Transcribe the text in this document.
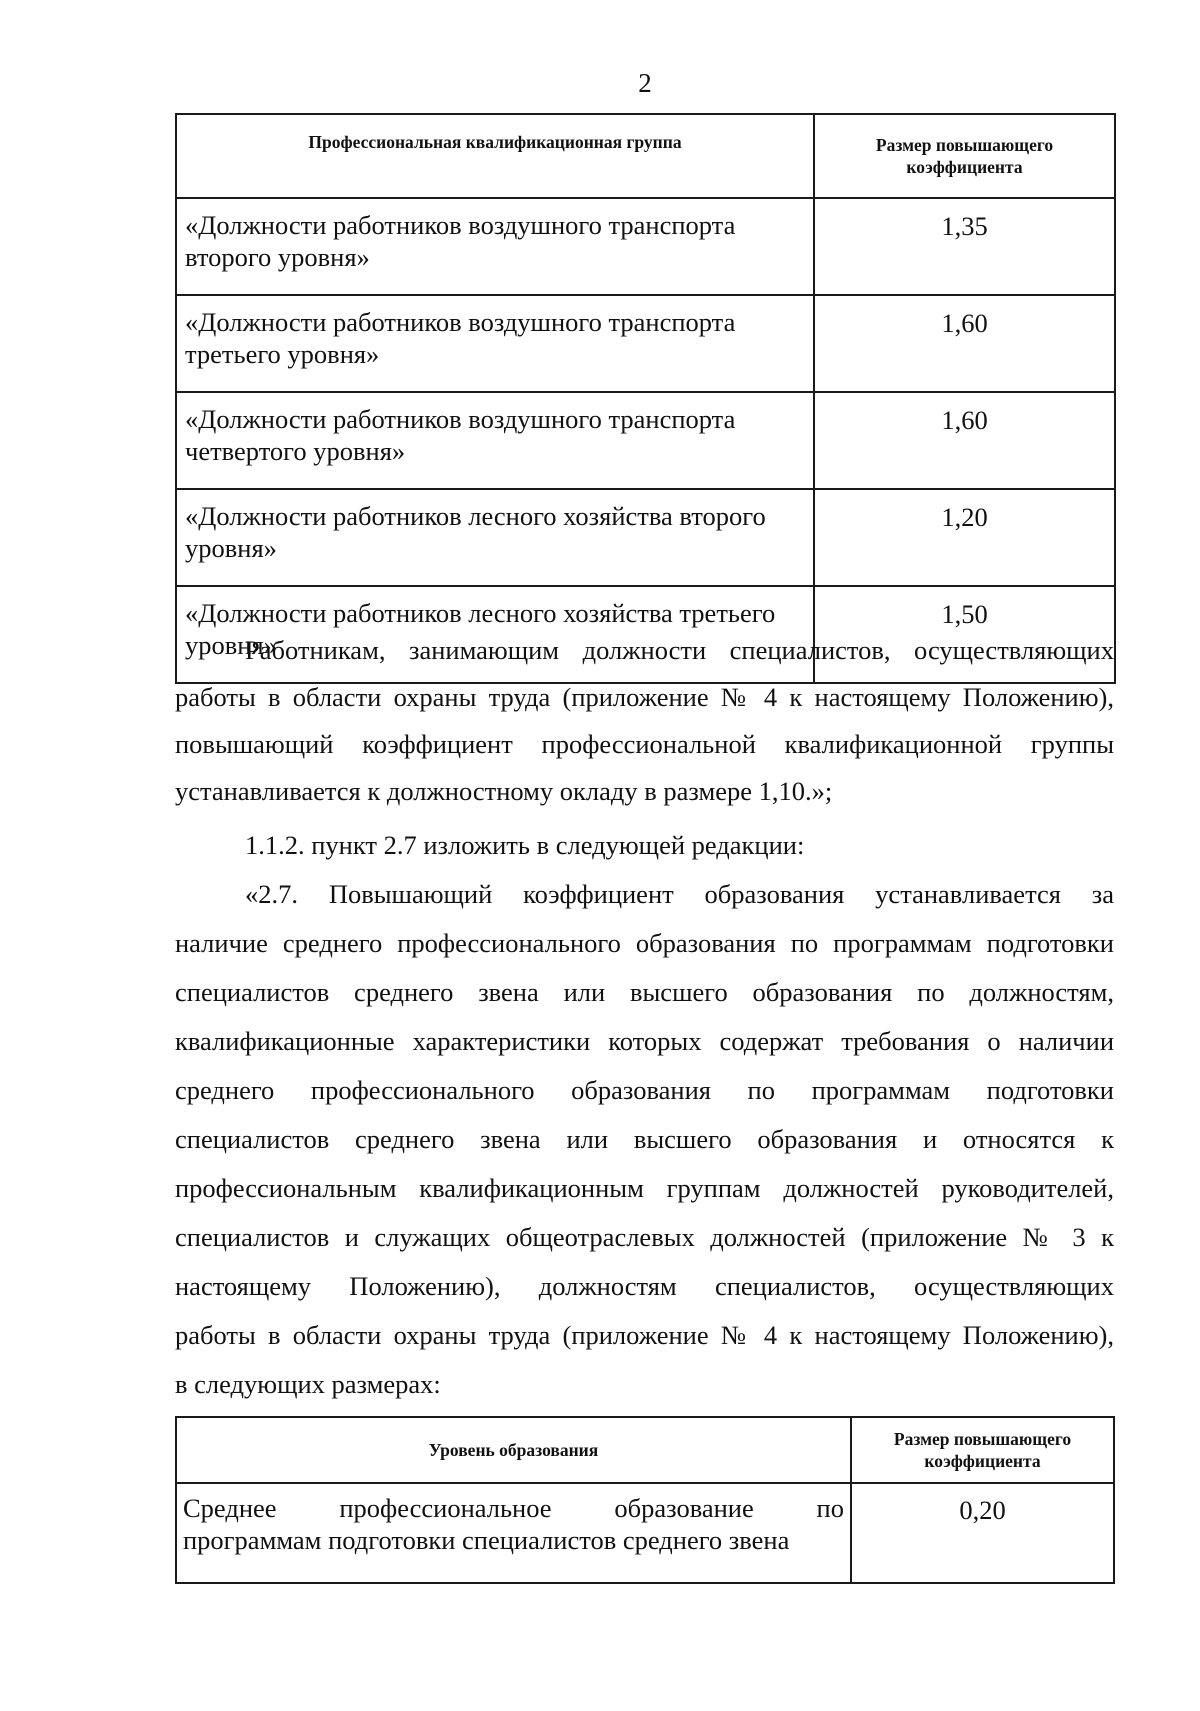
2
Профессиональная квалификационная группа	Размер повышающего коэффициента
«Должности работников воздушного транспорта второго уровня»	1,35
«Должности работников воздушного транспорта третьего уровня»	1,60
«Должности работников воздушного транспорта четвертого уровня»	1,60
«Должности работников лесного хозяйства второго уровня»	1,20
«Должности работников лесного хозяйства третьего уровня»	1,50
Работникам, занимающим должности специалистов, осуществляющих
работы в области охраны труда (приложение № 4 к настоящему Положению),
повышающий коэффициент профессиональной квалификационной группы
устанавливается к должностному окладу в размере 1,10.»;
1.1.2. пункт 2.7 изложить в следующей редакции:
«2.7. Повышающий коэффициент образования устанавливается за
наличие среднего профессионального образования по программам подготовки
специалистов среднего звена или высшего образования по должностям,
квалификационные характеристики которых содержат требования о наличии
среднего профессионального образования по программам подготовки
специалистов среднего звена или высшего образования и относятся к
профессиональным квалификационным группам должностей руководителей,
специалистов и служащих общеотраслевых должностей (приложение № 3 к
настоящему Положению), должностям специалистов, осуществляющих
работы в области охраны труда (приложение № 4 к настоящему Положению),
в следующих размерах:
Уровень образования	Размер повышающего коэффициента

Среднее профессиональное образование по
программам подготовки специалистов среднего звена	0,20
